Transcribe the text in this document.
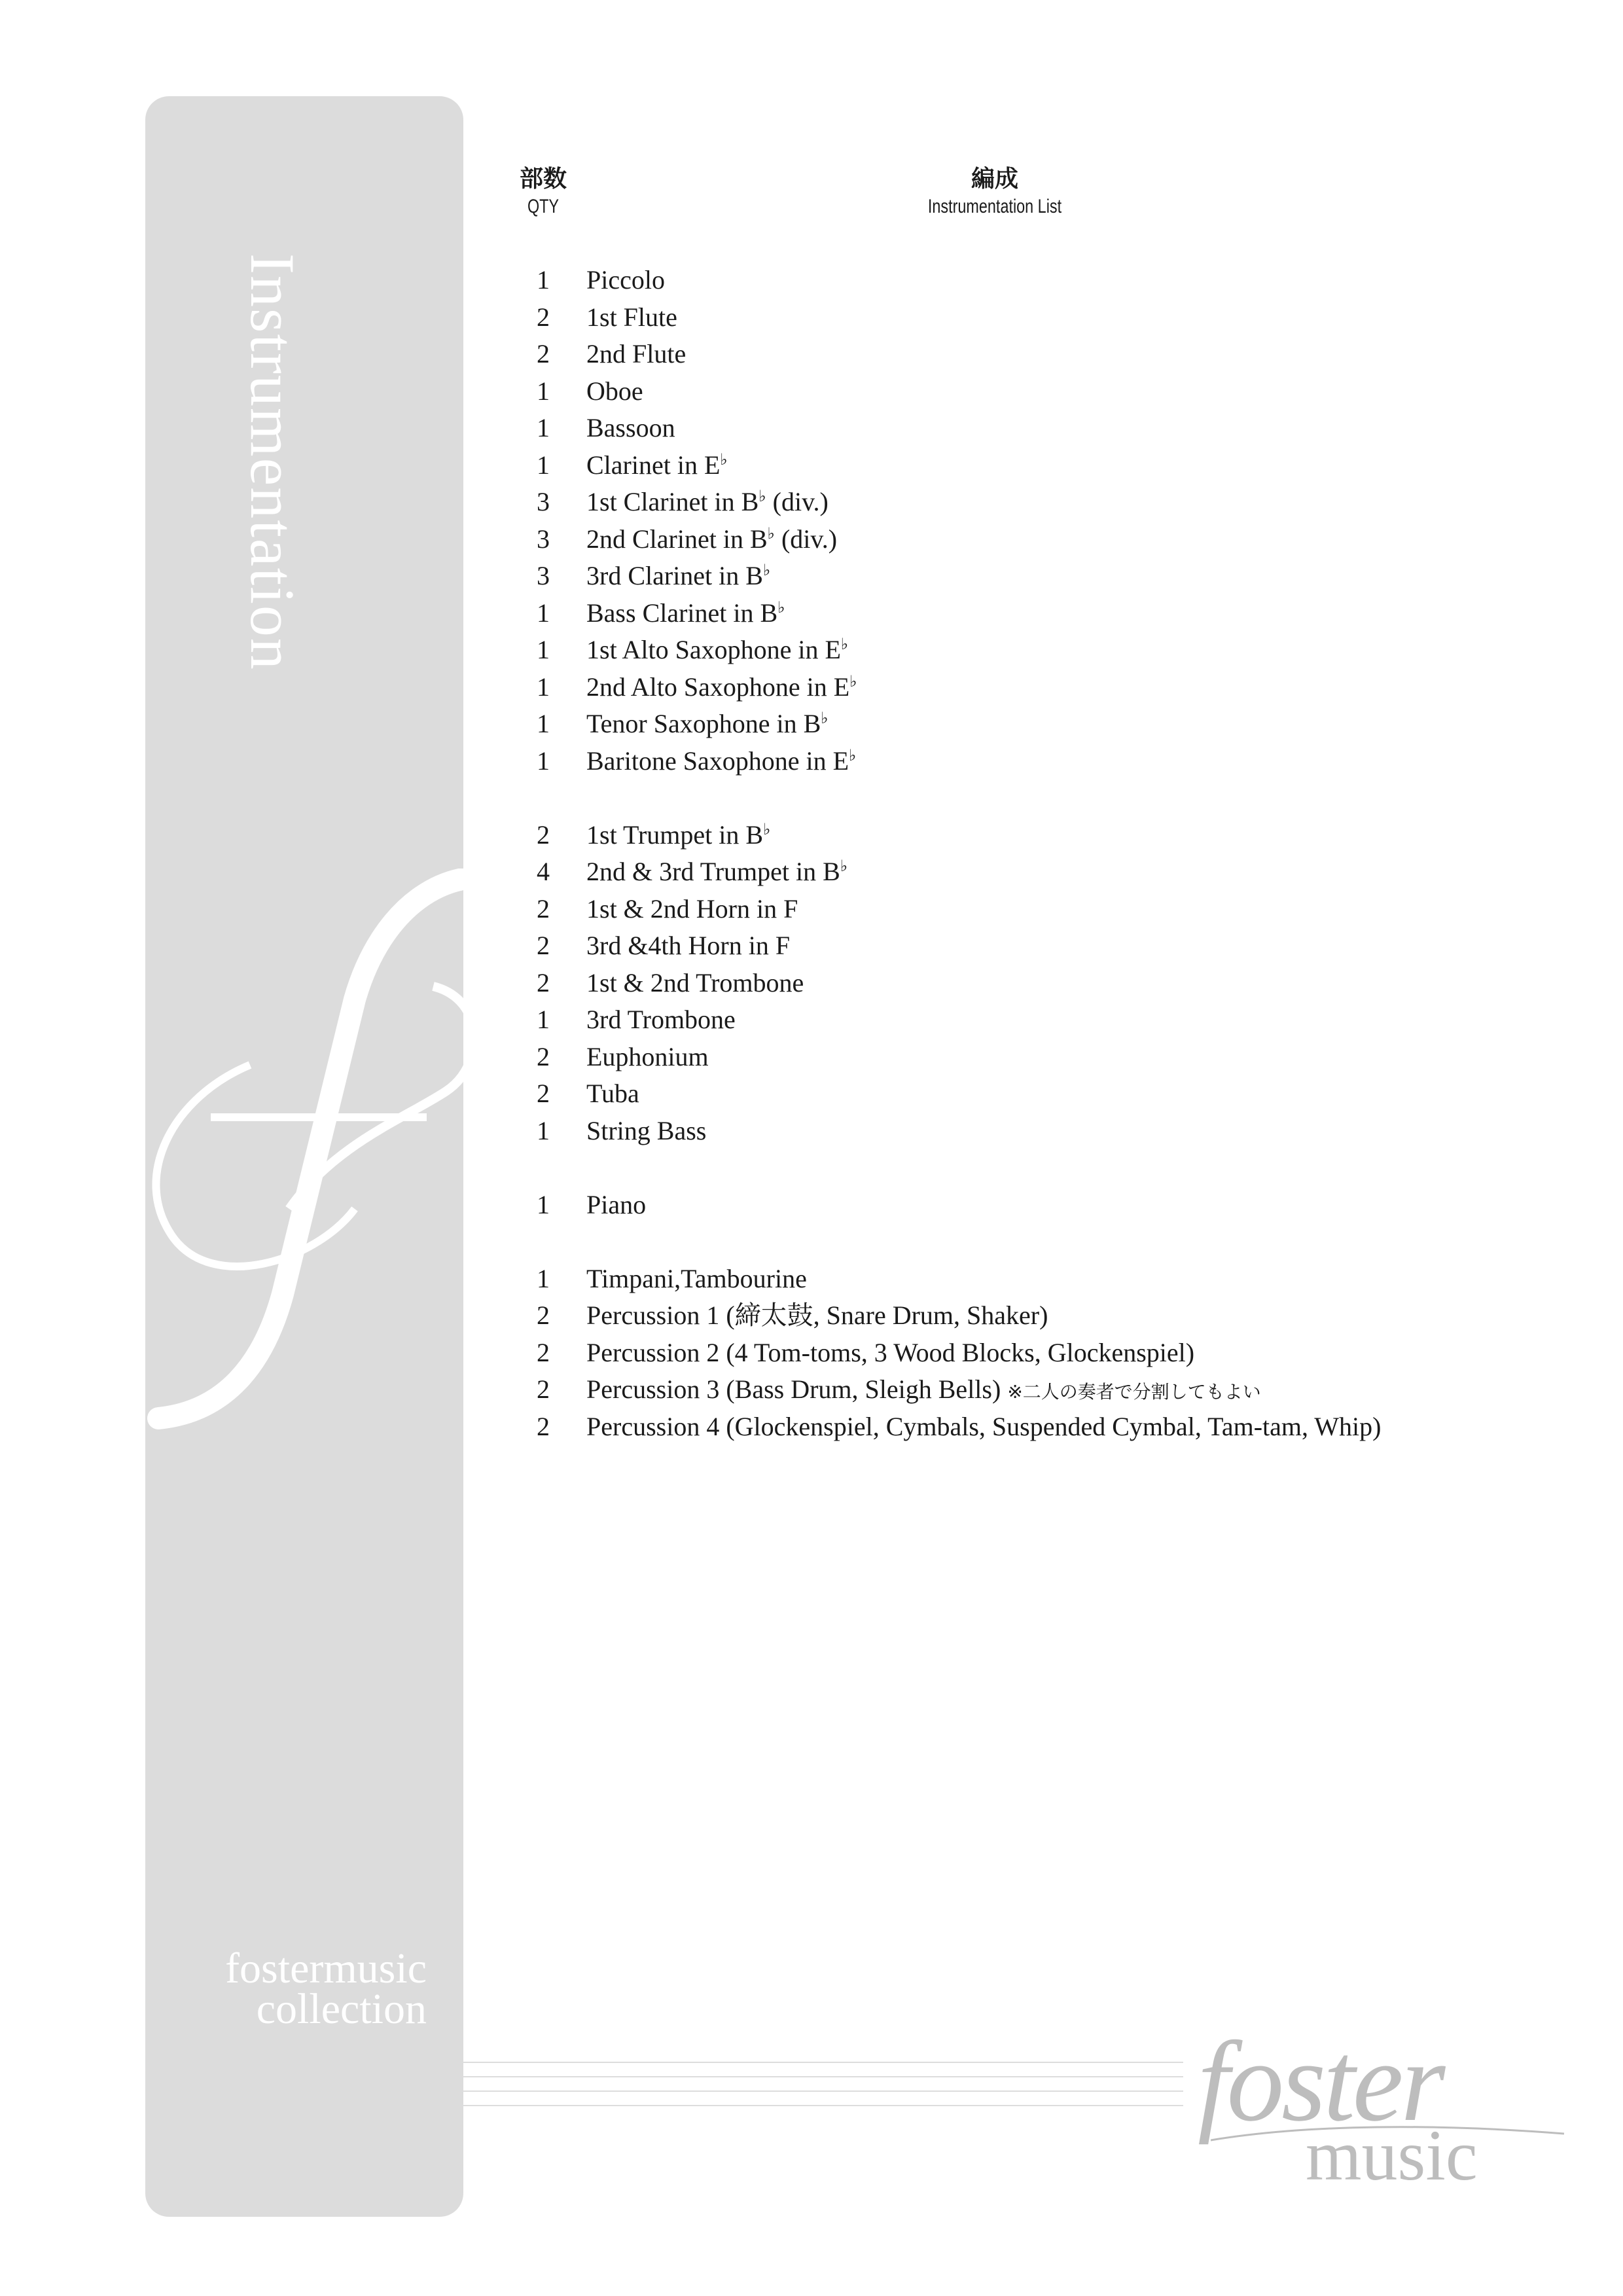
Instrumentation
fostermusic
collection
部数
QTY
編成
Instrumentation List
1	Piccolo
2	1st Flute
2	2nd Flute
1	Oboe
1	Bassoon
1	Clarinet in E♭
3	1st Clarinet in B♭ (div.)
3	2nd Clarinet in B♭ (div.)
3	3rd Clarinet in B♭
1	Bass Clarinet in B♭
1	1st Alto Saxophone in E♭
1	2nd Alto Saxophone in E♭
1	Tenor Saxophone in B♭
1	Baritone Saxophone in E♭
2	1st Trumpet in B♭
4	2nd & 3rd Trumpet in B♭
2	1st & 2nd Horn in F
2	3rd &4th Horn in F
2	1st & 2nd Trombone
1	3rd Trombone
2	Euphonium
2	Tuba
1	String Bass
1	Piano
1	Timpani,Tambourine
2	Percussion 1 (締太鼓, Snare Drum, Shaker)
2	Percussion 2 (4 Tom-toms, 3 Wood Blocks, Glockenspiel)
2	Percussion 3 (Bass Drum, Sleigh Bells) ※二人の奏者で分割してもよい
2	Percussion 4 (Glockenspiel, Cymbals, Suspended Cymbal, Tam-tam, Whip)
foster
music
